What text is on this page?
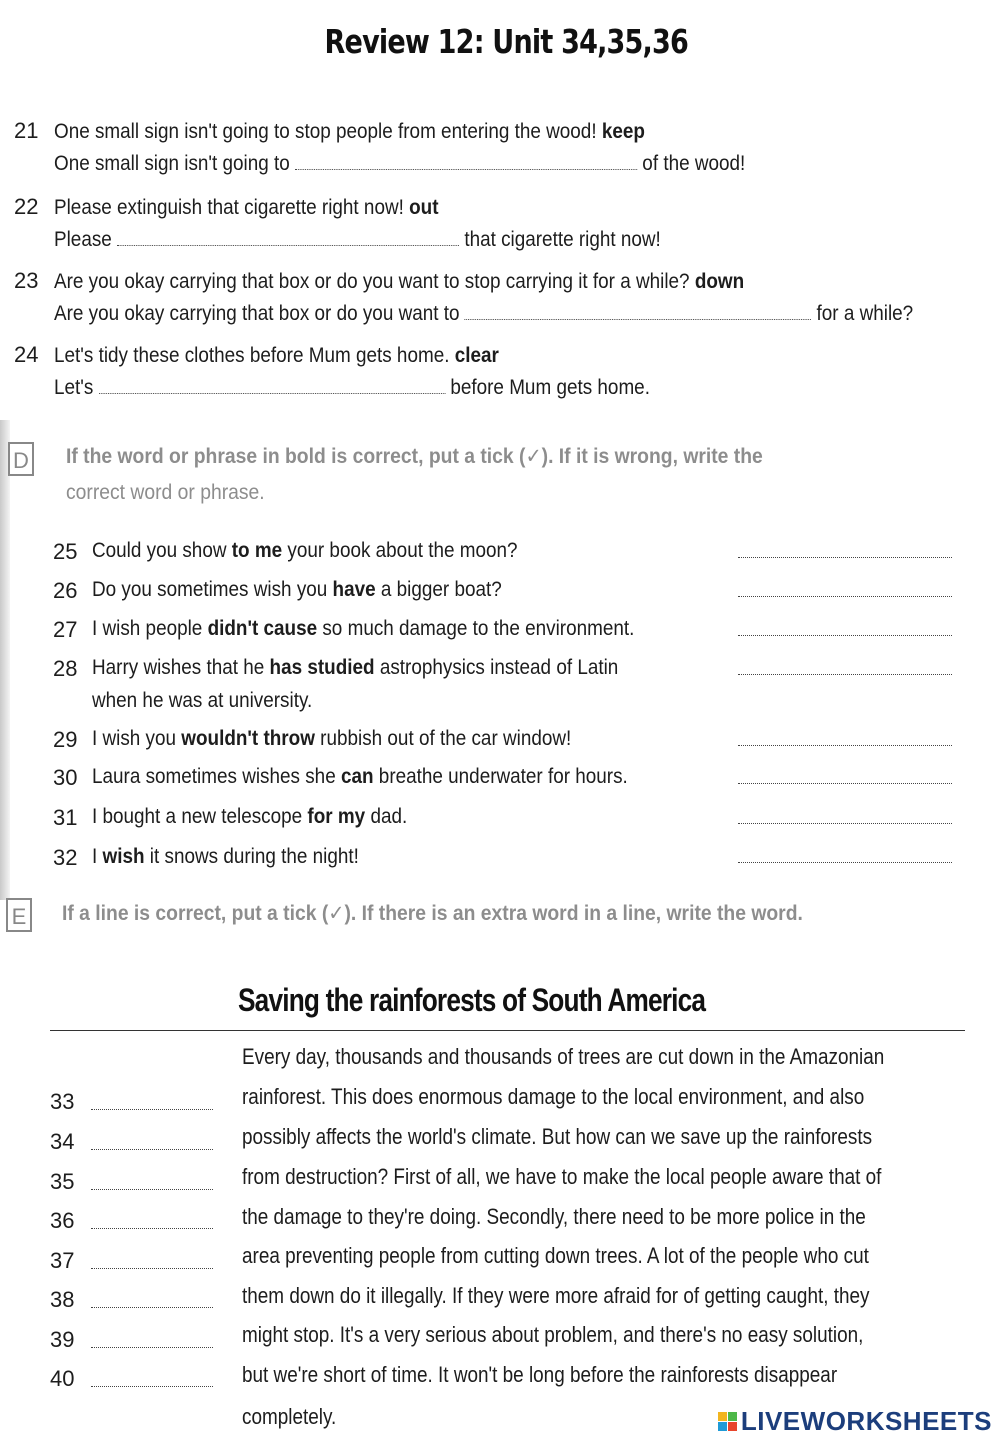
Review 12: Unit 34,35,36
21 One small sign isn't going to stop people from entering the wood! keep
One small sign isn't going to	of the wood!
22 Please extinguish that cigarette right now! out
Please	that cigarette right now!
23 Are you okay carrying that box or do you want to stop carrying it for a while? down
Are you okay carrying that box or do you want to	for a while?
24 Let's tidy these clothes before Mum gets home. clear
Let's	before Mum gets home.
D If the word or phrase in bold is correct, put a tick (✓). If it is wrong, write the
correct word or phrase.
25 Could you show to me your book about the moon?
26 Do you sometimes wish you have a bigger boat?
27 I wish people didn't cause so much damage to the environment.
28 Harry wishes that he has studied astrophysics instead of Latin
when he was at university.
29 I wish you wouldn't throw rubbish out of the car window!
30 Laura sometimes wishes she can breathe underwater for hours.
31 I bought a new telescope for my dad.
32 I wish it snows during the night!
E If a line is correct, put a tick (✓). If there is an extra word in a line, write the word.
Saving the rainforests of South America
Every day, thousands and thousands of trees are cut down in the Amazonian
33	rainforest. This does enormous damage to the local environment, and also
34	possibly affects the world's climate. But how can we save up the rainforests
35	from destruction? First of all, we have to make the local people aware that of
36	the damage to they're doing. Secondly, there need to be more police in the
37	area preventing people from cutting down trees. A lot of the people who cut
38	them down do it illegally. If they were more afraid for of getting caught, they
39	might stop. It's a very serious about problem, and there's no easy solution,
40	but we're short of time. It won't be long before the rainforests disappear
completely.	LIVEWORKSHEETS
